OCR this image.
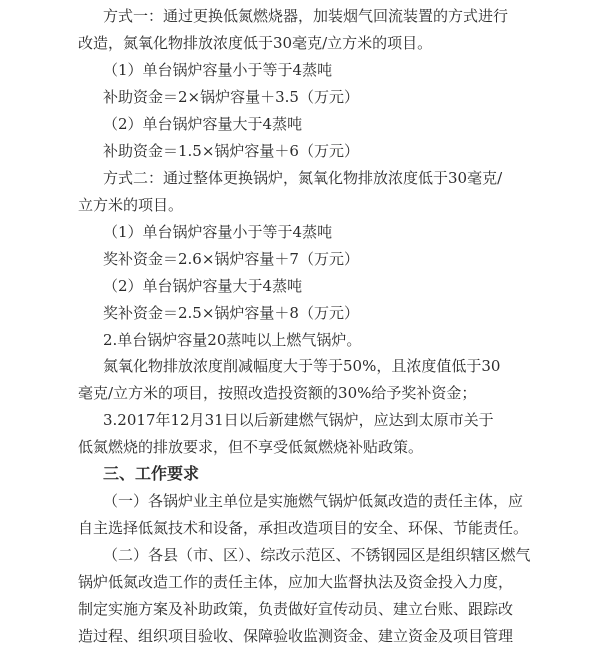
方式一：通过更换低氮燃烧器，加装烟气回流装置的方式进行
改造，氮氧化物排放浓度低于30毫克/立方米的项目。
（1）单台锅炉容量小于等于4蒸吨
补助资金＝2×锅炉容量＋3.5（万元）
（2）单台锅炉容量大于4蒸吨
补助资金＝1.5×锅炉容量＋6（万元）
方式二：通过整体更换锅炉，氮氧化物排放浓度低于30毫克/
立方米的项目。
（1）单台锅炉容量小于等于4蒸吨
奖补资金＝2.6×锅炉容量＋7（万元）
（2）单台锅炉容量大于4蒸吨
奖补资金＝2.5×锅炉容量＋8（万元）
2.单台锅炉容量20蒸吨以上燃气锅炉。
氮氧化物排放浓度削减幅度大于等于50%，且浓度值低于30
毫克/立方米的项目，按照改造投资额的30%给予奖补资金；
3.2017年12月31日以后新建燃气锅炉，应达到太原市关于
低氮燃烧的排放要求，但不享受低氮燃烧补贴政策。
三、工作要求
（一）各锅炉业主单位是实施燃气锅炉低氮改造的责任主体，应
自主选择低氮技术和设备，承担改造项目的安全、环保、节能责任。
（二）各县（市、区）、综改示范区、不锈钢园区是组织辖区燃气
锅炉低氮改造工作的责任主体，应加大监督执法及资金投入力度，
制定实施方案及补助政策，负责做好宣传动员、建立台账、跟踪改
造过程、组织项目验收、保障验收监测资金、建立资金及项目管理
